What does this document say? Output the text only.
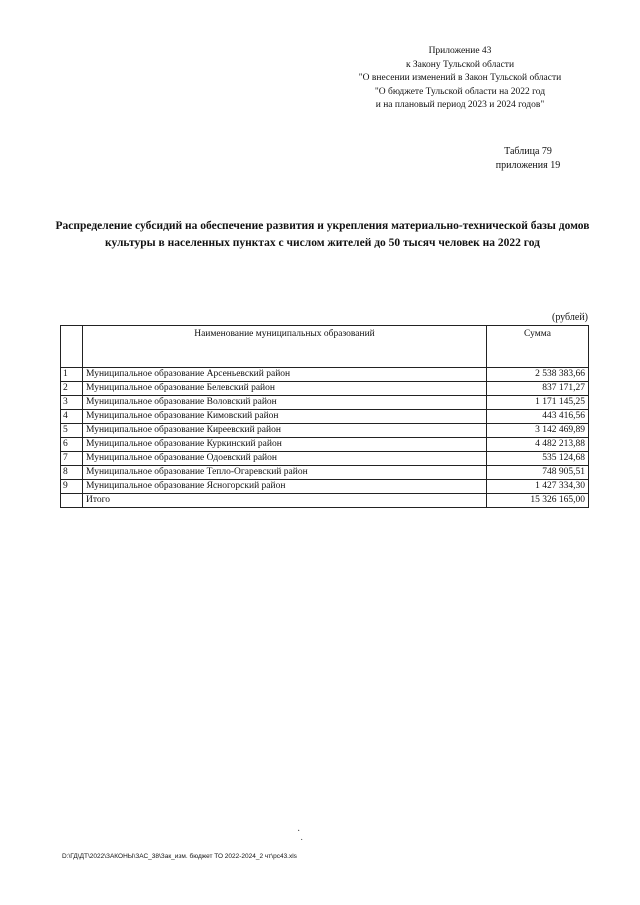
Приложение 43
к Закону Тульской области
"О внесении изменений в Закон Тульской области
"О бюджете Тульской области на 2022 год
и на плановый период 2023 и 2024 годов"
Таблица 79
приложения 19
Распределение субсидий на обеспечение развития и укрепления материально-технической базы домов культуры в населенных пунктах с числом жителей до 50 тысяч человек на 2022 год
(рублей)
	Наименование муниципальных образований	Сумма
1	Муниципальное образование Арсеньевский район	2 538 383,66
2	Муниципальное образование Белевский район	837 171,27
3	Муниципальное образование Воловский район	1 171 145,25
4	Муниципальное образование Кимовский район	443 416,56
5	Муниципальное образование Киреевский район	3 142 469,89
6	Муниципальное образование Куркинский район	4 482 213,88
7	Муниципальное образование Одоевский район	535 124,68
8	Муниципальное образование Тепло-Огаревский район	748 905,51
9	Муниципальное образование Ясногорский район	1 427 334,30
	Итого	15 326 165,00
·
˙
D:\ГД\ДТ\2022\ЗАКОНЫ\ЗАС_38\Зак_изм. бюджет ТО 2022-2024_2 чт\рс43.xls
